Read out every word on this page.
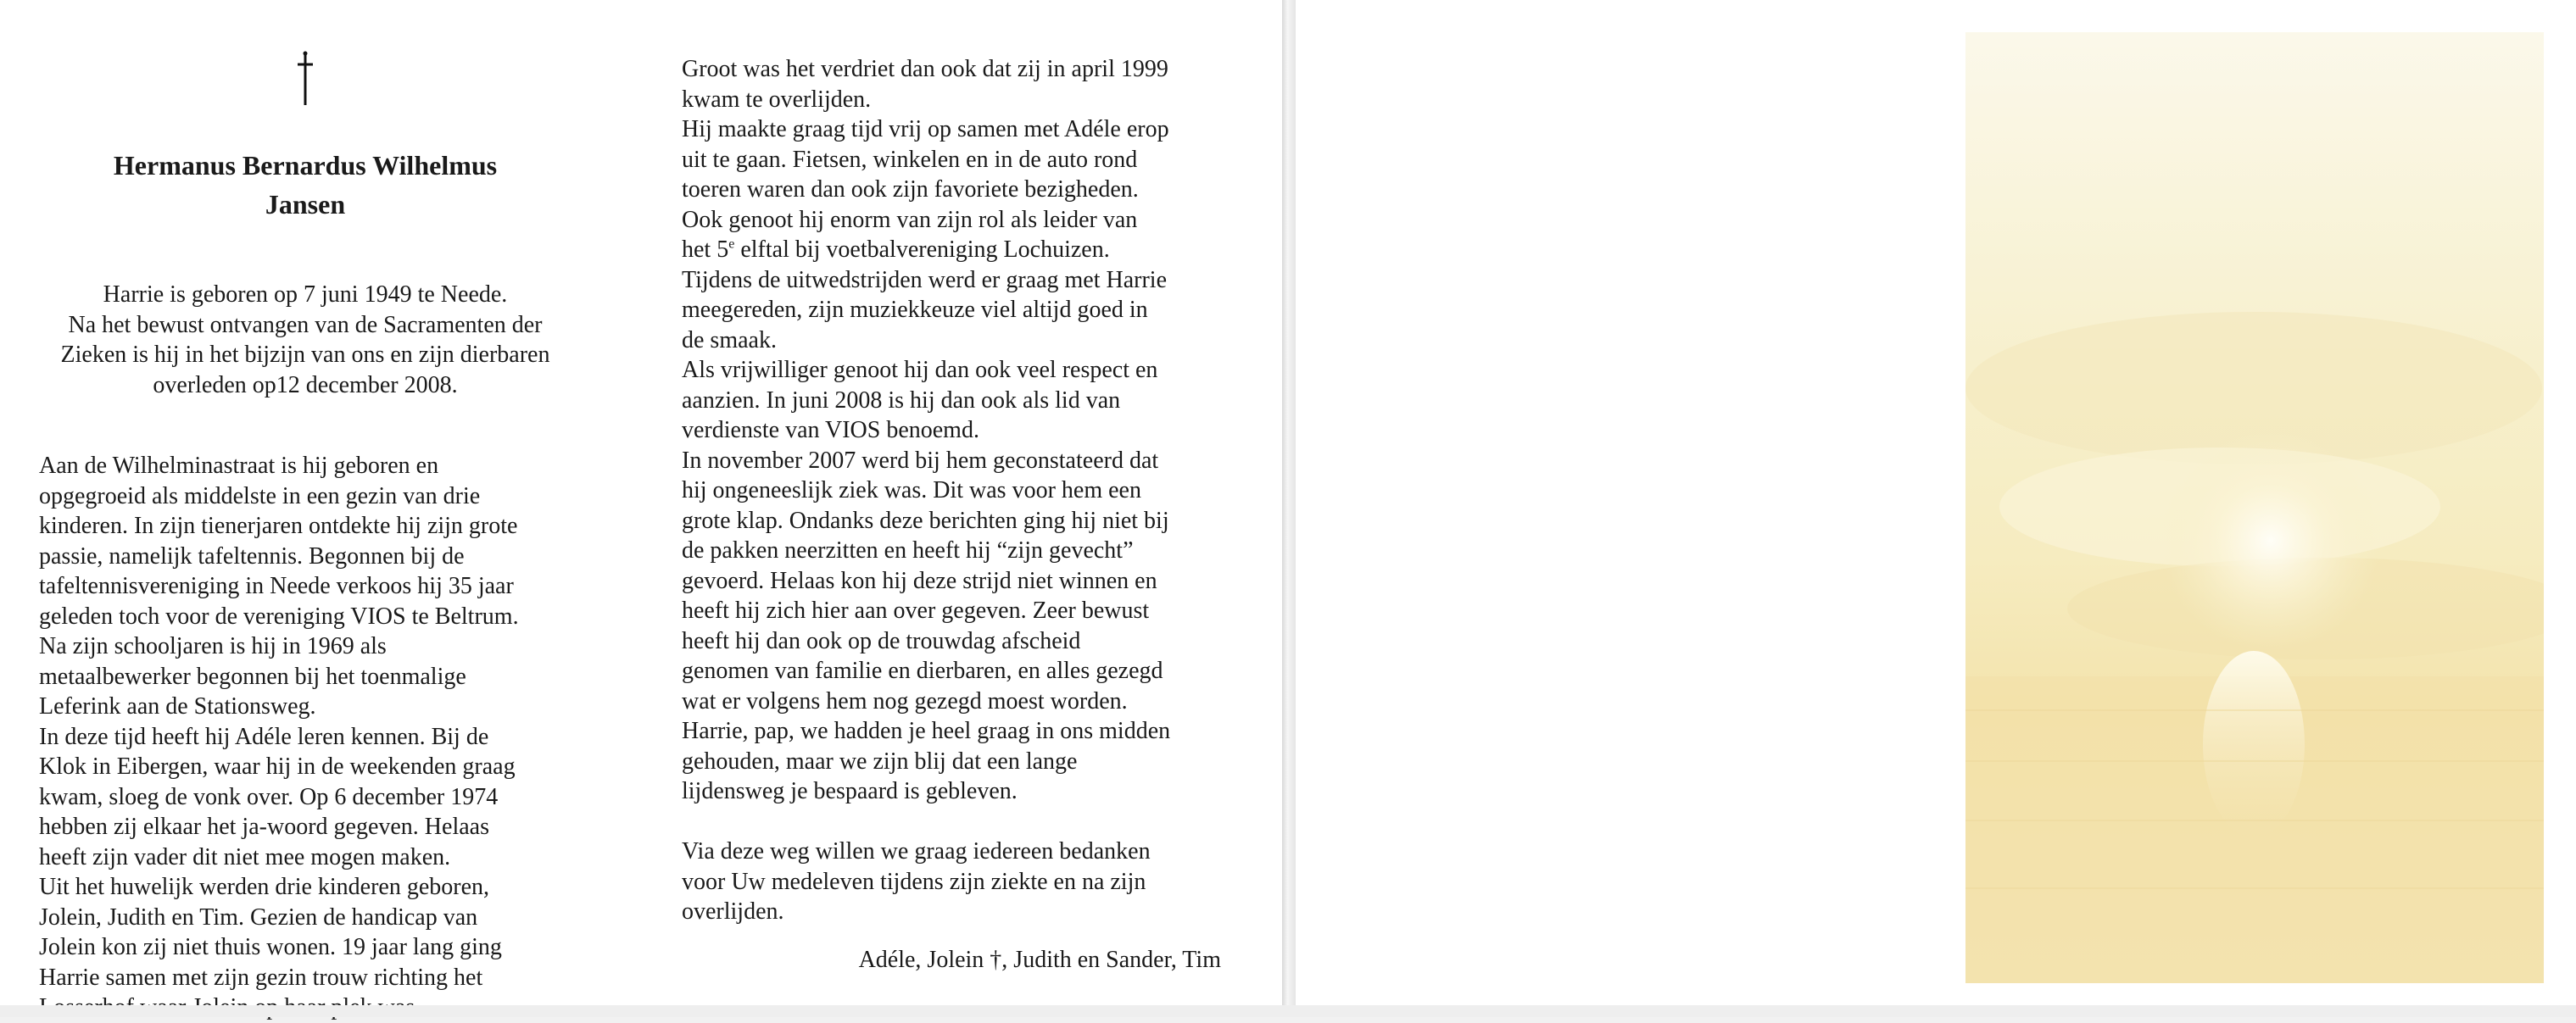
Hermanus Bernardus Wilhelmus
Jansen
Harrie is geboren op 7 juni 1949 te Neede.
Na het bewust ontvangen van de Sacramenten der
Zieken is hij in het bijzijn van ons en zijn dierbaren
overleden op12 december 2008.
Aan de Wilhelminastraat is hij geboren en
opgegroeid als middelste in een gezin van drie
kinderen. In zijn tienerjaren ontdekte hij zijn grote
passie, namelijk tafeltennis. Begonnen bij de
tafeltennisvereniging in Neede verkoos hij 35 jaar
geleden toch voor de vereniging VIOS te Beltrum.
Na zijn schooljaren is hij in 1969 als
metaalbewerker begonnen bij het toenmalige
Leferink aan de Stationsweg.
In deze tijd heeft hij Adéle leren kennen. Bij de
Klok in Eibergen, waar hij in de weekenden graag
kwam, sloeg de vonk over. Op 6 december 1974
hebben zij elkaar het ja-woord gegeven. Helaas
heeft zijn vader dit niet mee mogen maken.
Uit het huwelijk werden drie kinderen geboren,
Jolein, Judith en Tim. Gezien de handicap van
Jolein kon zij niet thuis wonen. 19 jaar lang ging
Harrie samen met zijn gezin trouw richting het
Groot was het verdriet dan ook dat zij in april 1999
kwam te overlijden.
Hij maakte graag tijd vrij op samen met Adéle erop
uit te gaan. Fietsen, winkelen en in de auto rond
toeren waren dan ook zijn favoriete bezigheden.
Ook genoot hij enorm van zijn rol als leider van
het 5e elftal bij voetbalvereniging Lochuizen.
Tijdens de uitwedstrijden werd er graag met Harrie
meegereden, zijn muziekkeuze viel altijd goed in
de smaak.
Als vrijwilliger genoot hij dan ook veel respect en
aanzien. In juni 2008 is hij dan ook als lid van
verdienste van VIOS benoemd.
In november 2007 werd bij hem geconstateerd dat
hij ongeneeslijk ziek was. Dit was voor hem een
grote klap. Ondanks deze berichten ging hij niet bij
de pakken neerzitten en heeft hij “zijn gevecht”
gevoerd. Helaas kon hij deze strijd niet winnen en
heeft hij zich hier aan over gegeven. Zeer bewust
heeft hij dan ook op de trouwdag afscheid
genomen van familie en dierbaren, en alles gezegd
wat er volgens hem nog gezegd moest worden.
Harrie, pap, we hadden je heel graag in ons midden
gehouden, maar we zijn blij dat een lange
lijdensweg je bespaard is gebleven.
Via deze weg willen we graag iedereen bedanken
voor Uw medeleven tijdens zijn ziekte en na zijn
overlijden.
Adéle, Jolein †, Judith en Sander, Tim
